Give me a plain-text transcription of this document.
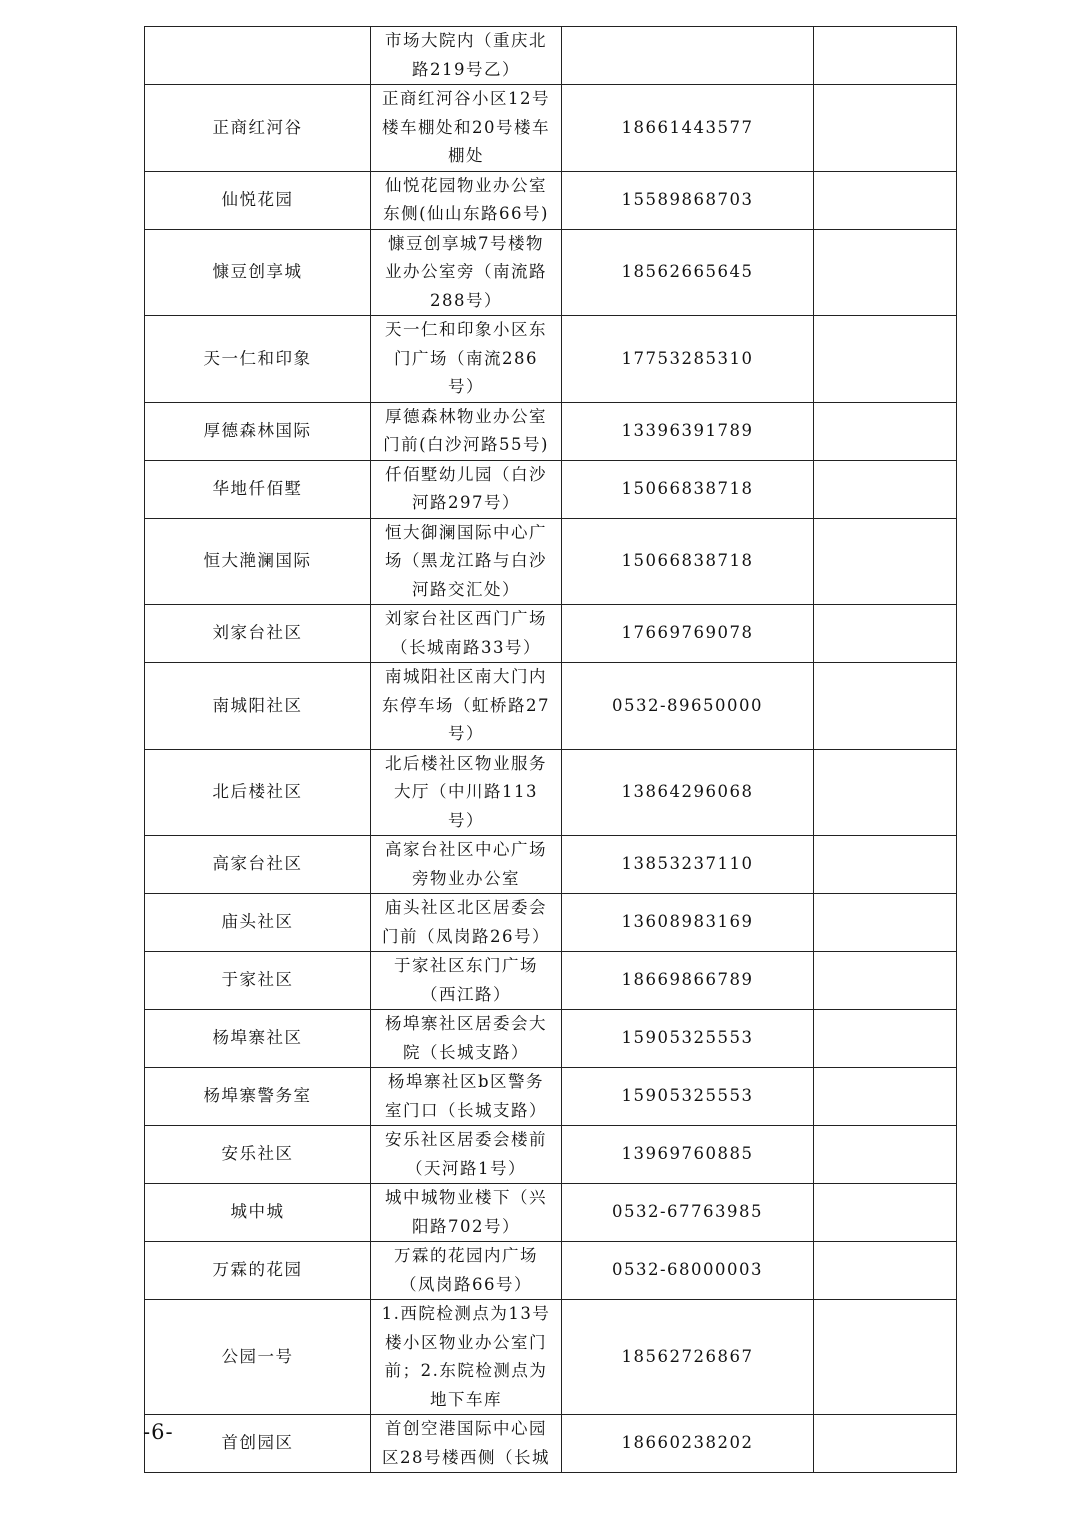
	市场大院内（重庆北路219号乙）		
正商红河谷	正商红河谷小区12号楼车棚处和20号楼车棚处	18661443577	
仙悦花园	仙悦花园物业办公室东侧(仙山东路66号)	15589868703	
慷豆创享城	慷豆创享城7号楼物业办公室旁（南流路288号）	18562665645	
天一仁和印象	天一仁和印象小区东门广场（南流286号）	17753285310	
厚德森林国际	厚德森林物业办公室门前(白沙河路55号)	13396391789	
华地仟佰墅	仟佰墅幼儿园（白沙河路297号）	15066838718	
恒大滟澜国际	恒大御澜国际中心广场（黑龙江路与白沙河路交汇处）	15066838718	
刘家台社区	刘家台社区西门广场（长城南路33号）	17669769078	
南城阳社区	南城阳社区南大门内东停车场（虹桥路27号）	0532-89650000	
北后楼社区	北后楼社区物业服务大厅（中川路113号）	13864296068	
高家台社区	高家台社区中心广场旁物业办公室	13853237110	
庙头社区	庙头社区北区居委会门前（凤岗路26号）	13608983169	
于家社区	于家社区东门广场（西江路）	18669866789	
杨埠寨社区	杨埠寨社区居委会大院（长城支路）	15905325553	
杨埠寨警务室	杨埠寨社区b区警务室门口（长城支路）	15905325553	
安乐社区	安乐社区居委会楼前（天河路1号）	13969760885	
城中城	城中城物业楼下（兴阳路702号）	0532-67763985	
万霖的花园	万霖的花园内广场（凤岗路66号）	0532-68000003	
公园一号	1.西院检测点为13号楼小区物业办公室门前；2.东院检测点为地下车库	18562726867	
首创园区	首创空港国际中心园区28号楼西侧（长城	18660238202	
-6-
